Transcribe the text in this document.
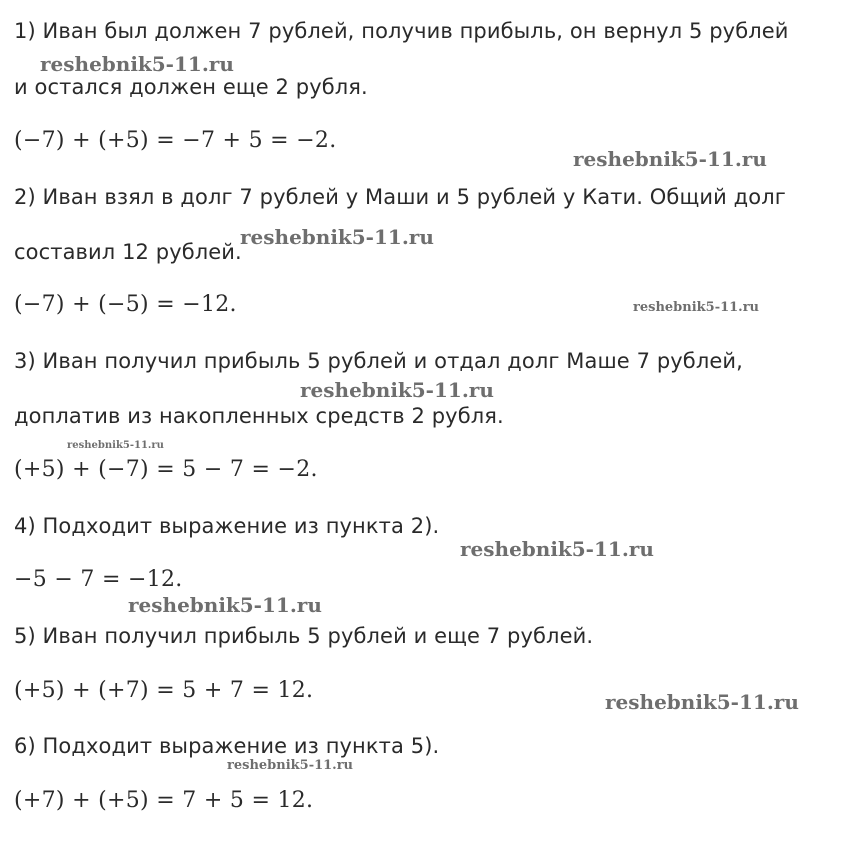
1) Иван был должен 7 рублей, получив прибыль, он вернул 5 рублей
и остался должен еще 2 рубля.
(−7) + (+5) = −7 + 5 = −2.
2) Иван взял в долг 7 рублей у Маши и 5 рублей у Кати. Общий долг
составил 12 рублей.
(−7) + (−5) = −12.
3) Иван получил прибыль 5 рублей и отдал долг Маше 7 рублей,
доплатив из накопленных средств 2 рубля.
(+5) + (−7) = 5 − 7 = −2.
4) Подходит выражение из пункта 2).
−5 − 7 = −12.
5) Иван получил прибыль 5 рублей и еще 7 рублей.
(+5) + (+7) = 5 + 7 = 12.
6) Подходит выражение из пункта 5).
(+7) + (+5) = 7 + 5 = 12.
reshebnik5-11.ru
reshebnik5-11.ru
reshebnik5-11.ru
reshebnik5-11.ru
reshebnik5-11.ru
reshebnik5-11.ru
reshebnik5-11.ru
reshebnik5-11.ru
reshebnik5-11.ru
reshebnik5-11.ru
